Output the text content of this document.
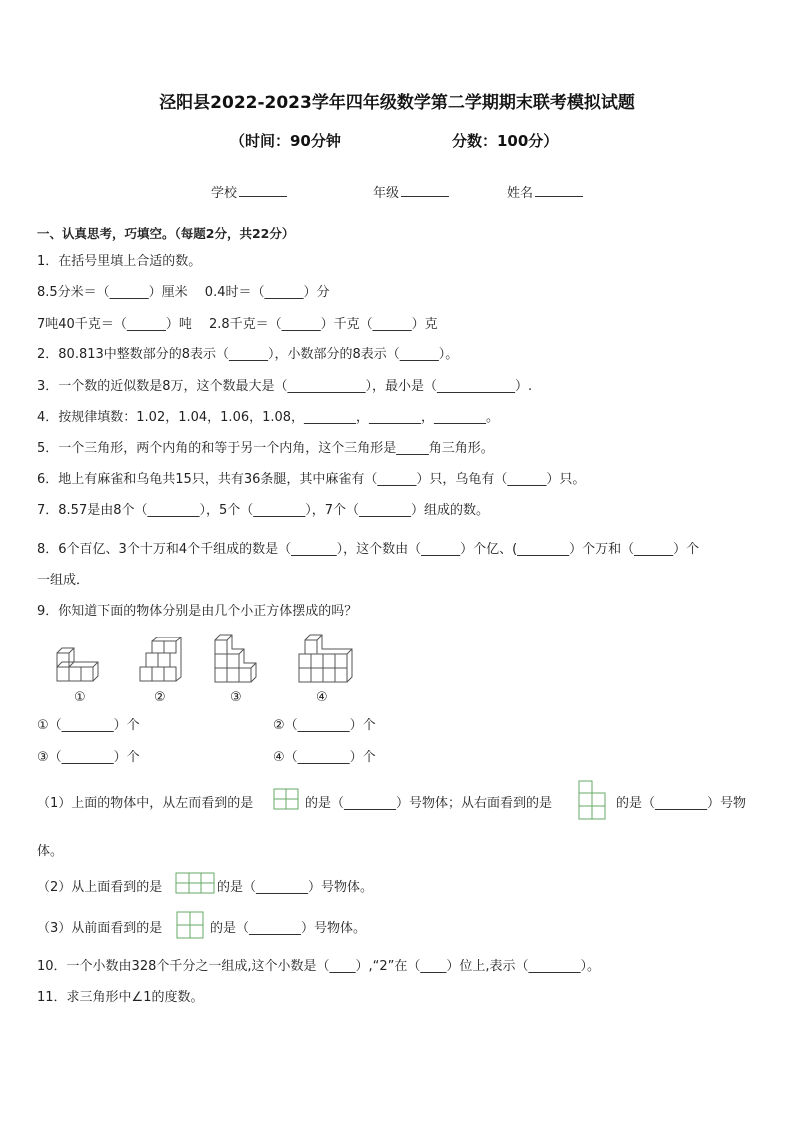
泾阳县2022-2023学年四年级数学第二学期期末联考模拟试题
（时间：90分钟	分数：100分）
学校	年级	姓名
一、认真思考，巧填空。（每题2分，共22分）
1．在括号里填上合适的数。
8.5分米＝（______）厘米　 0.4时＝（______）分
7吨40千克＝（______）吨　 2.8千克＝（______）千克（______）克
2．80.813中整数部分的8表示（______），小数部分的8表示（______）。
3．一个数的近似数是8万，这个数最大是（____________），最小是（____________）.
4．按规律填数：1.02，1.04，1.06，1.08，________，________，________。
5．一个三角形，两个内角的和等于另一个内角，这个三角形是_____角三角形。
6．地上有麻雀和乌龟共15只，共有36条腿，其中麻雀有（______）只，乌龟有（______）只。
7．8.57是由8个（________），5个（________），7个（________）组成的数。
8．6个百亿、3个十万和4个千组成的数是（_______），这个数由（______）个亿、(________）个万和（______）个
一组成．
9．你知道下面的物体分别是由几个小正方体摆成的吗？
①	②	③	④
①（________）个	②（________）个
③（________）个	④（________）个
（1）上面的物体中，从左而看到的是	的是（________）号物体；从右面看到的是	的是（________）号物
体。
（2）从上面看到的是	的是（________）号物体。
（3）从前面看到的是	的是（________）号物体。
10．一个小数由328个千分之一组成,这个小数是（____）,“2”在（____）位上,表示（________）。
11．求三角形中∠1的度数。
